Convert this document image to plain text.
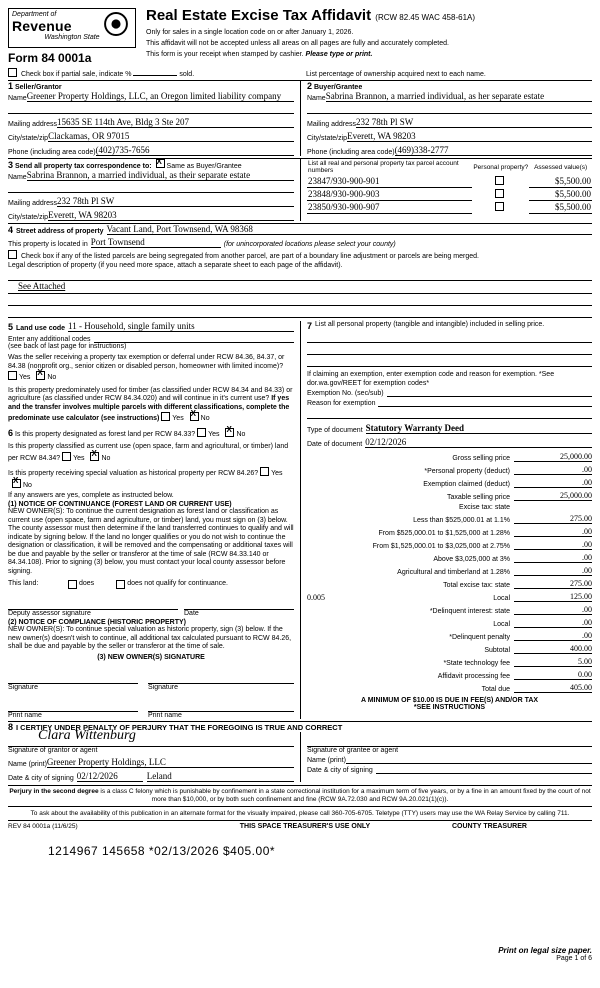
Department of
Revenue
Washington State ⦿
Form 84 0001a
Real Estate Excise Tax Affidavit (RCW 82.45 WAC 458-61A)
Only for sales in a single location code on or after January 1, 2026.
This affidavit will not be accepted unless all areas on all pages are fully and accurately completed.
This form is your receipt when stamped by cashier. Please type or print.
Check box if partial sale, indicate %	sold.	List percentage of ownership acquired next to each name.
1 Seller/Grantor
Name Greener Property Holdings, LLC, an Oregon limited liability company
Mailing address 15635 SE 114th Ave, Bldg 3 Ste 207
City/state/zip Clackamas, OR 97015
Phone (including area code) (402)735-7656
2 Buyer/Grantee
Name Sabrina Brannon, a married individual, as her separate estate
Mailing address 232 78th Pl SW
City/state/zip Everett, WA 98203
Phone (including area code) (469)338-2777
3 Send all property tax correspondence to: X Same as Buyer/Grantee
Name Sabrina Brannon, a married individual, as their separate estate
Mailing address 232 78th Pl SW
City/state/zip Everett, WA 98203
List all real and personal property tax parcel account numbers	Personal property?	Assessed value(s)
23847/930-900-901		$5,500.00
23848/930-900-903		$5,500.00
23850/930-900-907		$5,500.00
4 Street address of property Vacant Land, Port Townsend, WA 98368
This property is located in Port Townsend	(for unincorporated locations please select your county)
Check box if any of the listed parcels are being segregated from another parcel, are part of a boundary line adjustment or parcels are being merged.
Legal description of property (if you need more space, attach a separate sheet to each page of the affidavit).
See Attached
5 Land use code 11 - Household, single family units
Enter any additional codes
(see back of last page for instructions)
Was the seller receiving a property tax exemption or deferral under RCW 84.36, 84.37, or 84.38 (nonprofit org., senior citizen or disabled person, homeowner with limited income)? Yes X No
Is this property predominately used for timber (as classified under RCW 84.34 and 84.33) or agriculture (as classified under RCW 84.34.020) and will continue in it's current use? If yes and the transfer involves multiple parcels with different classifications, complete the predominate use calculator (see instructions) Yes X No
6 Is this property designated as forest land per RCW 84.33? Yes X No
Is this property classified as current use (open space, farm and agricultural, or timber) land per RCW 84.34? Yes X No
Is this property receiving special valuation as historical property per RCW 84.26? Yes XNo
If any answers are yes, complete as instructed below.
(1) NOTICE OF CONTINUANCE (FOREST LAND OR CURRENT USE)
NEW OWNER(S): To continue the current designation as forest land or classification as current use (open space, farm and agriculture, or timber) land, you must sign on (3) below. The county assessor must then determine if the land transferred continues to qualify and will indicate by signing below. If the land no longer qualifies or you do not wish to continue the designation or classification, it will be removed and the compensating or additional taxes will be due and payable by the seller or transferor at the time of sale (RCW 84.33.140 or 84.34.108). Prior to signing (3) below, you must contact your local county assessor before signing.
This land:	does	does not qualify for continuance.
Deputy assessor signature	Date
(2) NOTICE OF COMPLIANCE (HISTORIC PROPERTY)
NEW OWNER(S): To continue special valuation as historic property, sign (3) below. If the new owner(s) doesn't wish to continue, all additional tax calculated pursuant to RCW 84.26, shall be due and payable by the seller or transferor at the time of sale.
(3) NEW OWNER(S) SIGNATURE
Signature	Signature
Print name	Print name
7 List all personal property (tangible and intangible) included in selling price.
If claiming an exemption, enter exemption code and reason for exemption. *See dor.wa.gov/REET for exemption codes*
Exemption No. (sec/sub)
Reason for exemption
Type of document Statutory Warranty Deed
Date of document 02/12/2026
Gross selling price	25,000.00
*Personal property (deduct)	.00
Exemption claimed (deduct)	.00
Taxable selling price	25,000.00
Excise tax: state
Less than $525,000.01 at 1.1%	275.00
From $525,000.01 to $1,525,000 at 1.28%	.00
From $1,525,000.01 to $3,025,000 at 2.75%	.00
Above $3,025,000 at 3%	.00
Agricultural and timberland at 1.28%	.00
Total excise tax: state	275.00
0.005	Local	125.00
*Delinquent interest: state	.00
Local	.00
*Delinquent penalty	.00
Subtotal	400.00
*State technology fee	5.00
Affidavit processing fee	0.00
Total due	405.00
A MINIMUM OF $10.00 IS DUE IN FEE(S) AND/OR TAX
*SEE INSTRUCTIONS
8 I CERTIFY UNDER PENALTY OF PERJURY THAT THE FOREGOING IS TRUE AND CORRECT
Clara Wittenburg
Signature of grantor or agent
Name (print) Greener Property Holdings, LLC
Date & city of signing 02/12/2026	Leland
Signature of grantee or agent
Name (print)
Date & city of signing
Perjury in the second degree is a class C felony which is punishable by confinement in a state correctional institution for a maximum term of five years, or by a fine in an amount fixed by the court of not more than $10,000, or by both such confinement and fine (RCW 9A.72.030 and RCW 9A.20.021(1)(c)).
To ask about the availability of this publication in an alternate format for the visually impaired, please call 360-705-6705. Teletype (TTY) users may use the WA Relay Service by calling 711.
REV 84 0001a (11/6/25)	THIS SPACE TREASURER'S USE ONLY	COUNTY TREASURER
1214967 145658 *02/13/2026 $405.00*
Print on legal size paper.
Page 1 of 6
